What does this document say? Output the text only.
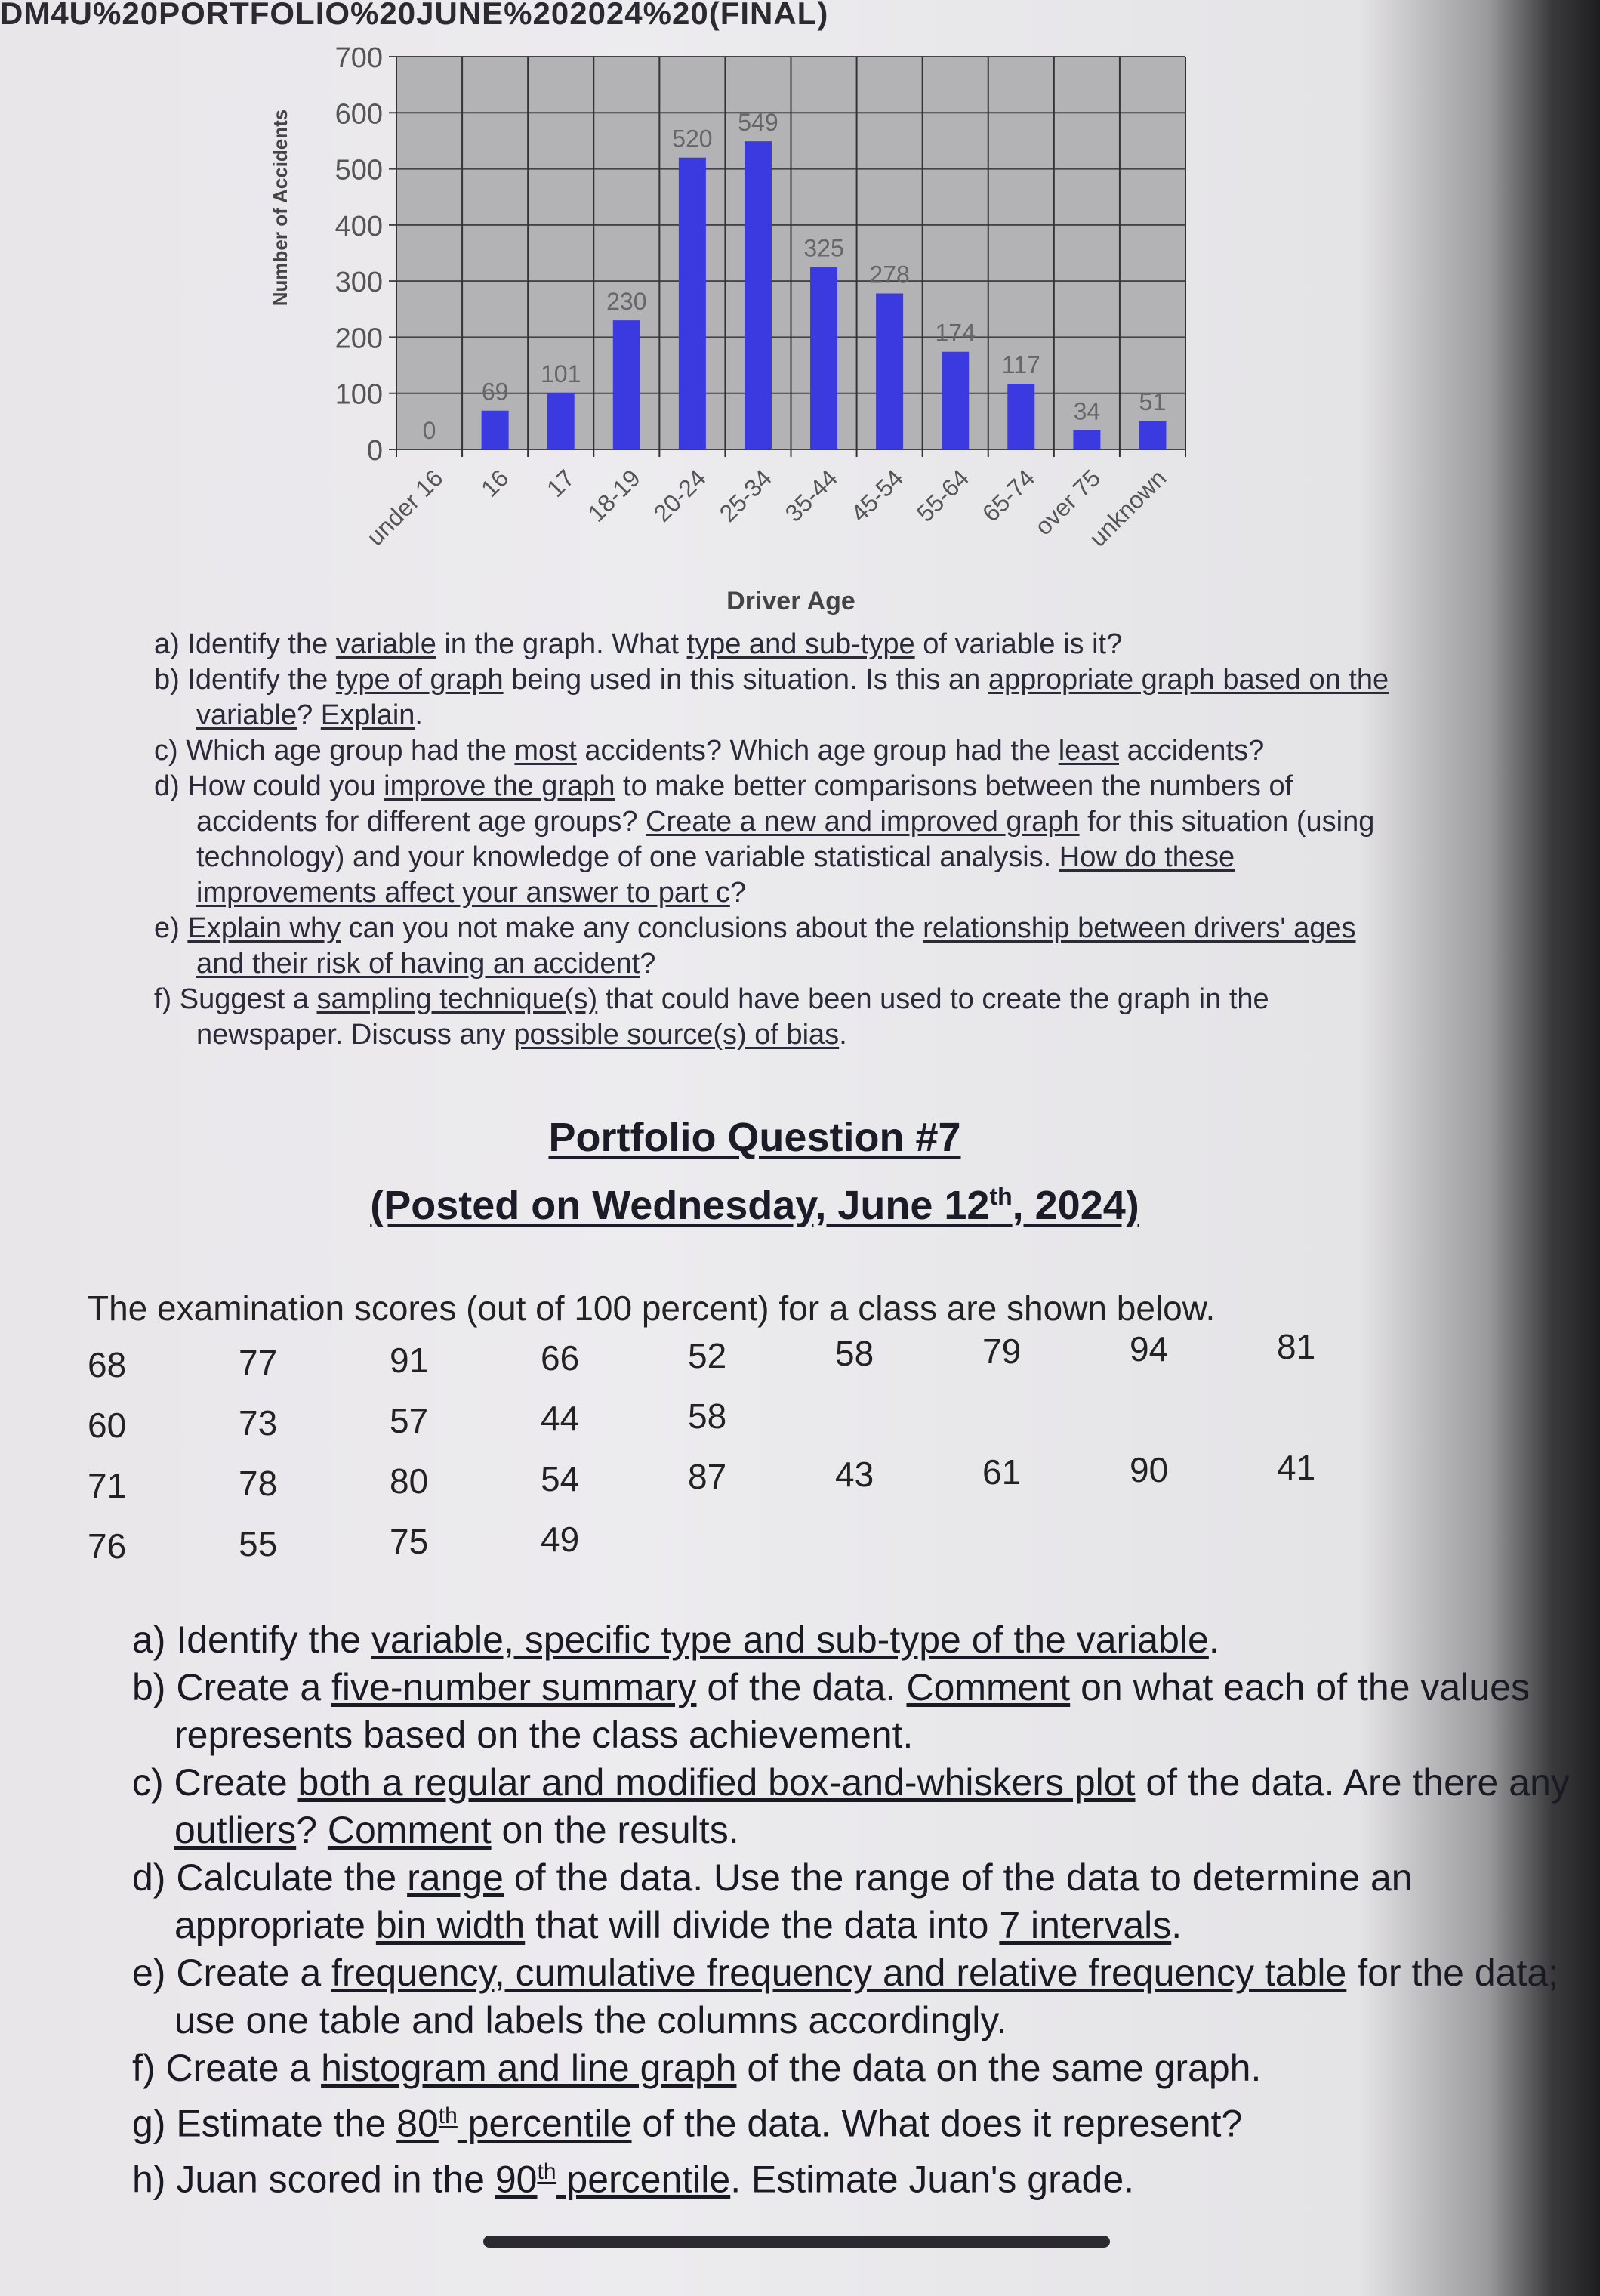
DM4U%20PORTFOLIO%20JUNE%202024%20(FINAL)
0
100
200
300
400
500
600
700
0
under 16
69
16
101
17
230
18-19
520
20-24
549
25-34
325
35-44
278
45-54
174
55-64
117
65-74
34
over 75
51
unknown
Driver Age
Number of Accidents

a) Identify the variable in the graph. What type and sub-type of variable is it?

b) Identify the type of graph being used in this situation. Is this an appropriate graph based on the variable? Explain.

c) Which age group had the most accidents? Which age group had the least accidents?

d) How could you improve the graph to make better comparisons between the numbers of accidents for different age groups? Create a new and improved graph for this situation (using technology) and your knowledge of one variable statistical analysis. How do these improvements affect your answer to part c?

e) Explain why can you not make any conclusions about the relationship between drivers' ages and their risk of having an accident?

f) Suggest a sampling technique(s) that could have been used to create the graph in the newspaper. Discuss any possible source(s) of bias.

Portfolio Question #7
(Posted on Wednesday, June 12th, 2024)
The examination scores (out of 100 percent) for a class are shown below.
68	77	91	66	52	58	79	94	81
60	73	57	44	58
71	78	80	54	87	43	61	90	41
76	55	75	49

a) Identify the variable, specific type and sub-type of the variable.

b) Create a five-number summary of the data. Comment on what each of the values represents based on the class achievement.

c) Create both a regular and modified box-and-whiskers plot of the data. Are there any outliers? Comment on the results.

d) Calculate the range of the data. Use the range of the data to determine an appropriate bin width that will divide the data into 7 intervals.

e) Create a frequency, cumulative frequency and relative frequency table for the data; use one table and labels the columns accordingly.

f) Create a histogram and line graph of the data on the same graph.

g) Estimate the 80th percentile of the data. What does it represent?

h) Juan scored in the 90th percentile. Estimate Juan's grade.
